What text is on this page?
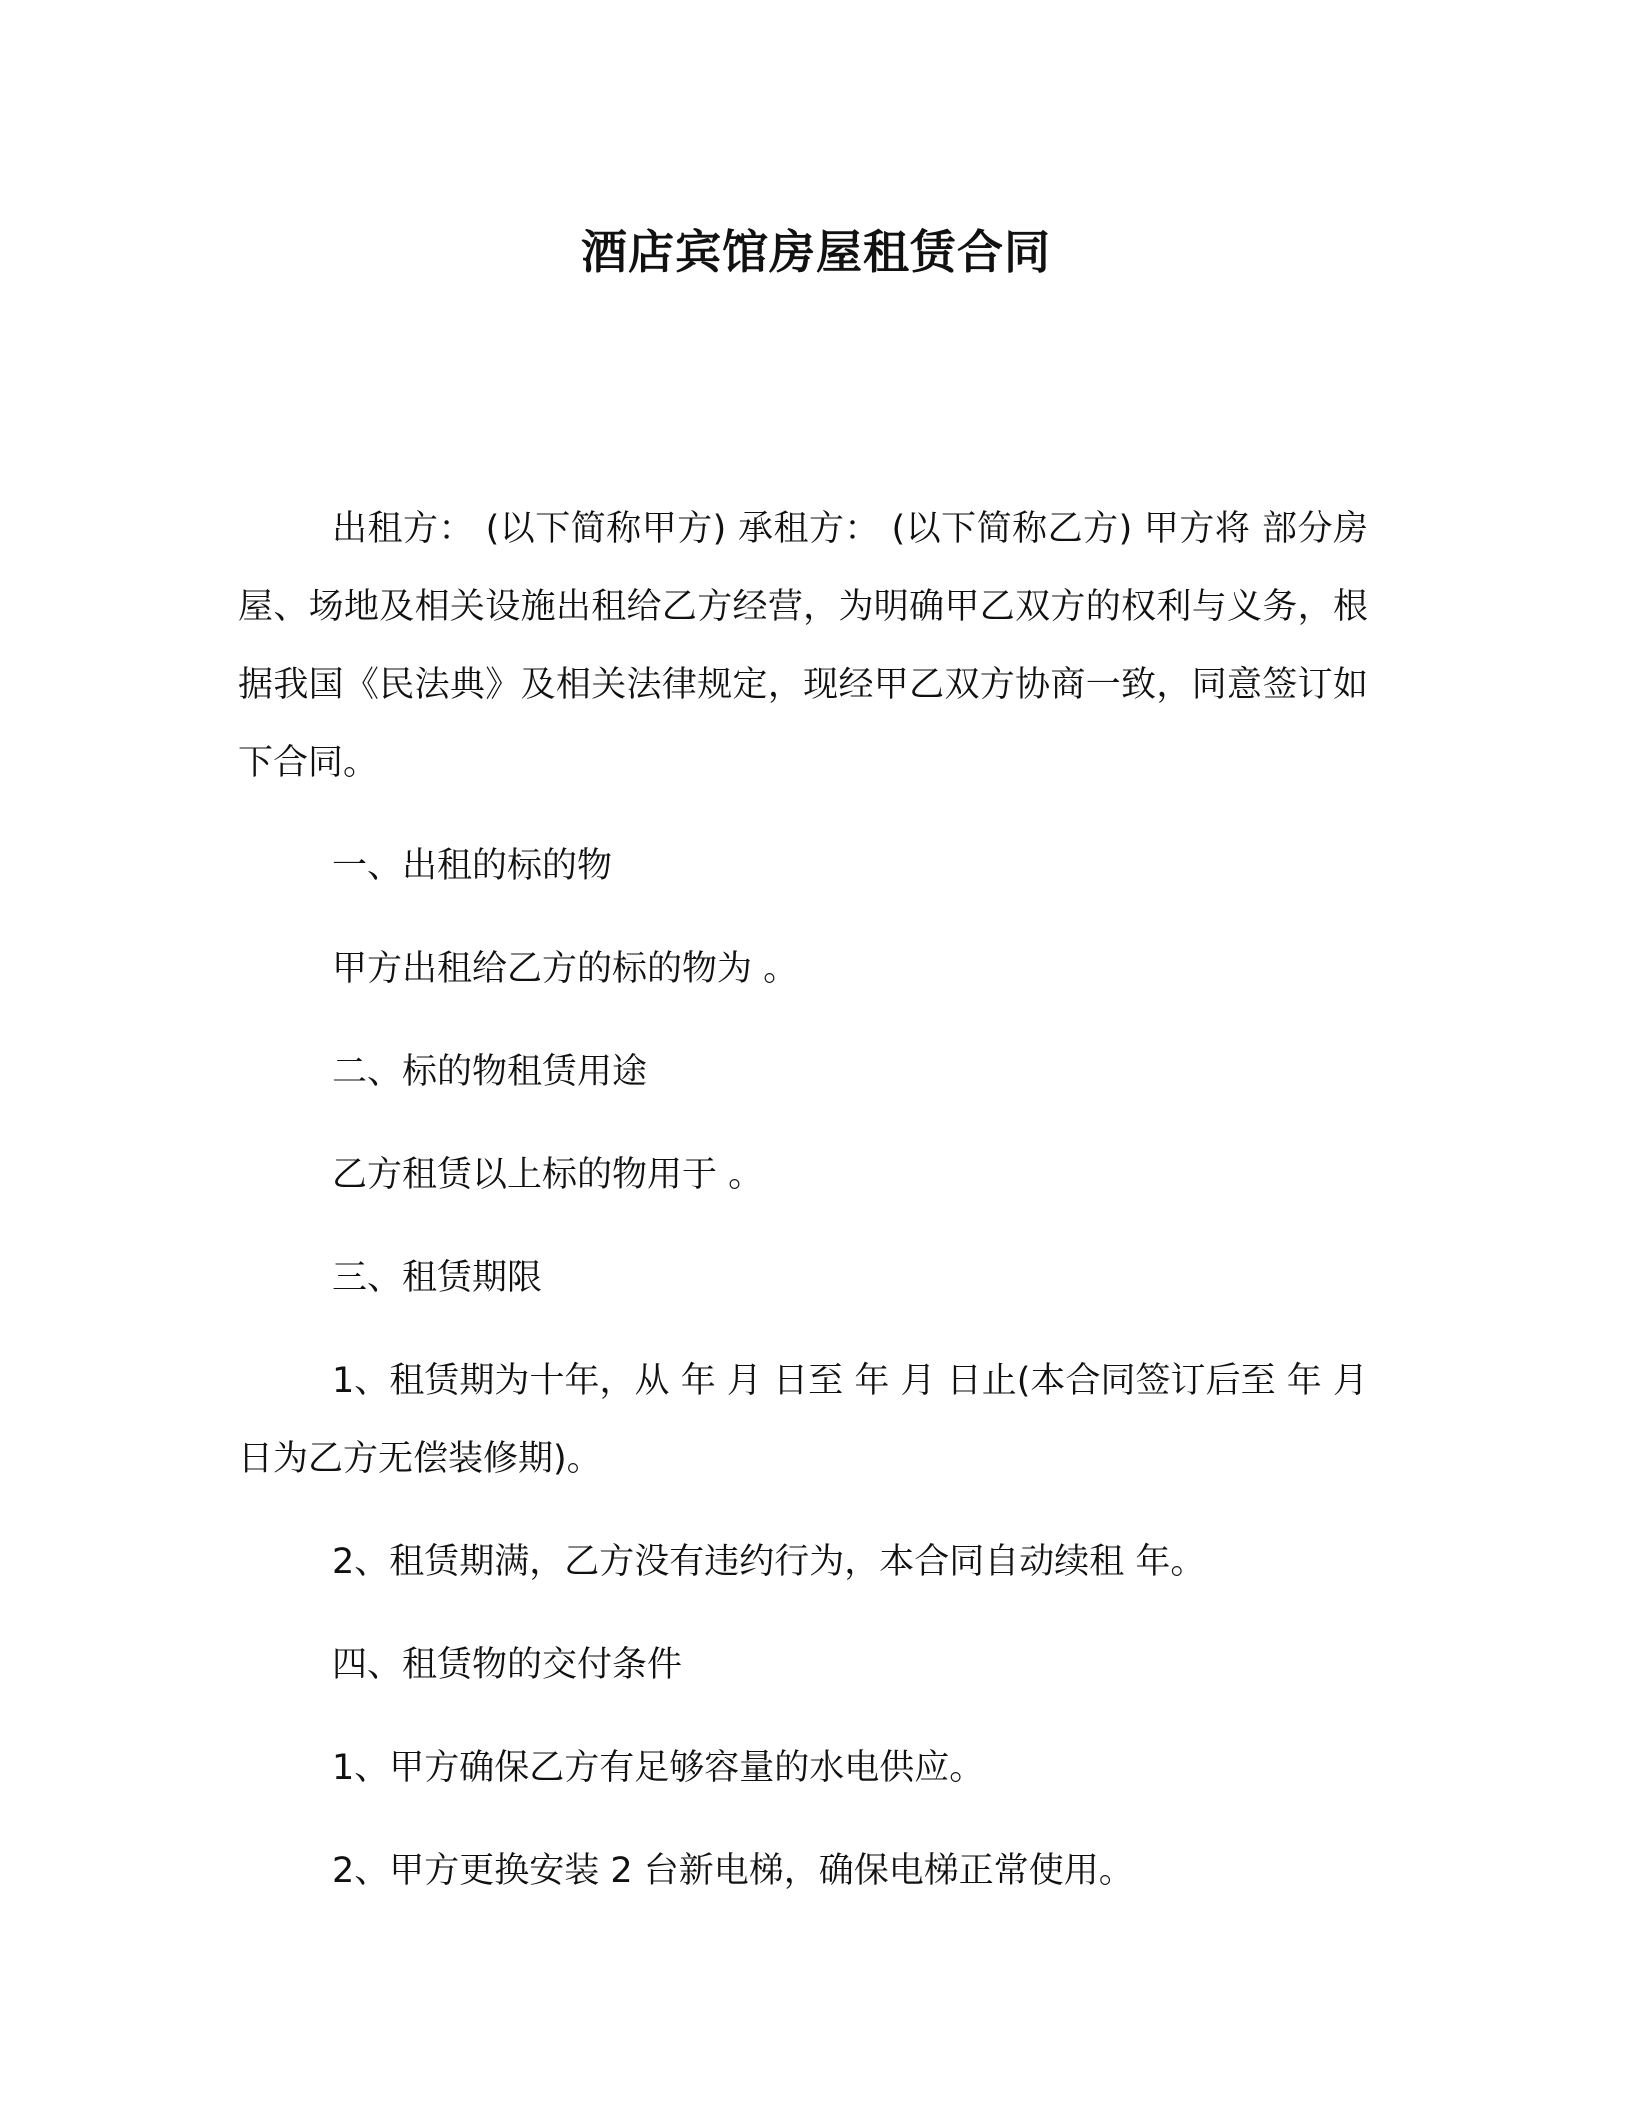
酒店宾馆房屋租赁合同

出租方： (以下简称甲方) 承租方： (以下简称乙方) 甲方将 部分房屋、场地及相关设施出租给乙方经营，为明确甲乙双方的权利与义务，根据我国《民法典》及相关法律规定，现经甲乙双方协商一致，同意签订如下合同。

一、出租的标的物

甲方出租给乙方的标的物为 。

二、标的物租赁用途

乙方租赁以上标的物用于 。

三、租赁期限

1、租赁期为十年，从 年 月 日至 年 月 日止(本合同签订后至 年 月 日为乙方无偿装修期)。

2、租赁期满，乙方没有违约行为，本合同自动续租 年。

四、租赁物的交付条件

1、甲方确保乙方有足够容量的水电供应。

2、甲方更换安装 2 台新电梯，确保电梯正常使用。
